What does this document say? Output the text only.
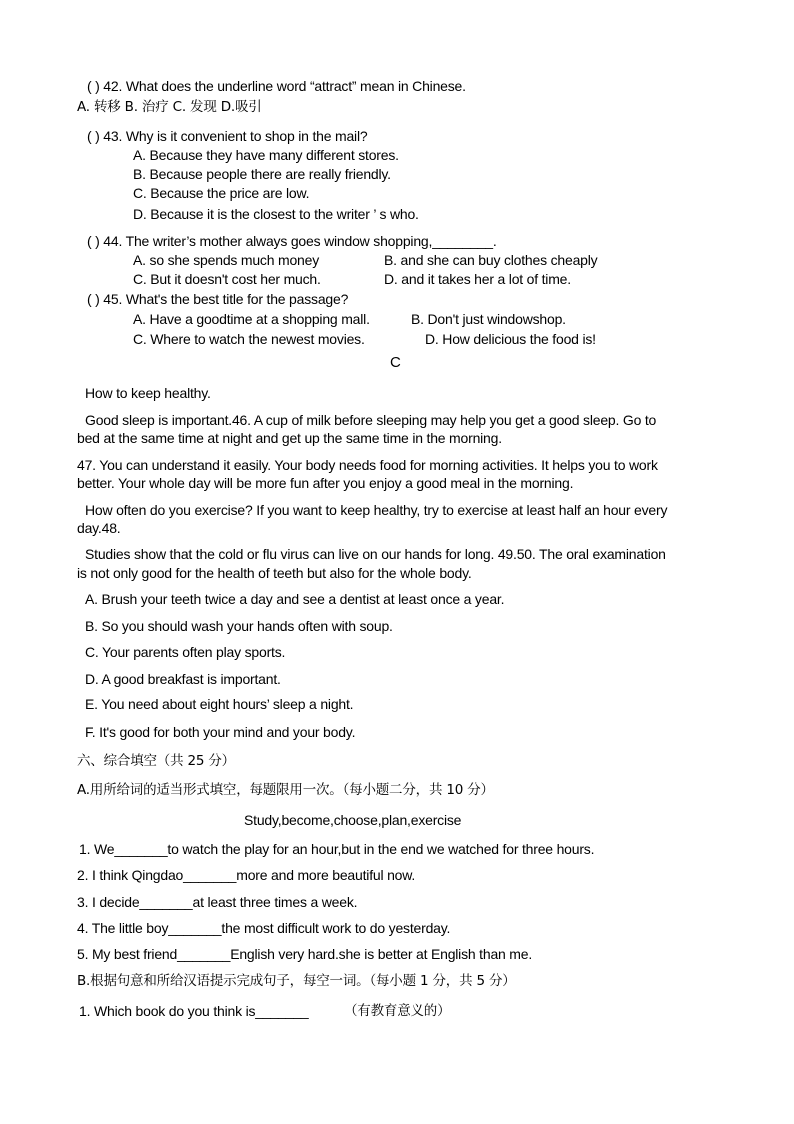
( ) 42. What does the underline word “attract” mean in Chinese.
A. 转移 B. 治疗 C. 发现 D.吸引
( ) 43. Why is it convenient to shop in the mail?
A. Because they have many different stores.
B. Because people there are really friendly.
C. Because the price are low.
D. Because it is the closest to the writer ’ s who.
( ) 44. The writer’s mother always goes window shopping,________.
A. so she spends much money	B. and she can buy clothes cheaply
C. But it doesn't cost her much.	D. and it takes her a lot of time.
( ) 45. What's the best title for the passage?
A. Have a goodtime at a shopping mall.	B. Don't just windowshop.
C. Where to watch the newest movies.	D. How delicious the food is!
C
How to keep healthy.
Good sleep is important.46. A cup of milk before sleeping may help you get a good sleep. Go to
bed at the same time at night and get up the same time in the morning.
47. You can understand it easily. Your body needs food for morning activities. It helps you to work
better. Your whole day will be more fun after you enjoy a good meal in the morning.
How often do you exercise? If you want to keep healthy, try to exercise at least half an hour every
day.48.
Studies show that the cold or flu virus can live on our hands for long. 49.50. The oral examination
is not only good for the health of teeth but also for the whole body.
A. Brush your teeth twice a day and see a dentist at least once a year.
B. So you should wash your hands often with soup.
C. Your parents often play sports.
D. A good breakfast is important.
E. You need about eight hours’ sleep a night.
F. It's good for both your mind and your body.
六、综合填空（共 25 分）
A.用所给词的适当形式填空，每题限用一次。（每小题二分，共 10 分）
Study,become,choose,plan,exercise
1. We_______to watch the play for an hour,but in the end we watched for three hours.
2. I think Qingdao_______more and more beautiful now.
3. I decide_______at least three times a week.
4. The little boy_______the most difficult work to do yesterday.
5. My best friend_______English very hard.she is better at English than me.
B.根据句意和所给汉语提示完成句子，每空一词。（每小题 1 分，共 5 分）
1. Which book do you think is_______	（有教育意义的）
